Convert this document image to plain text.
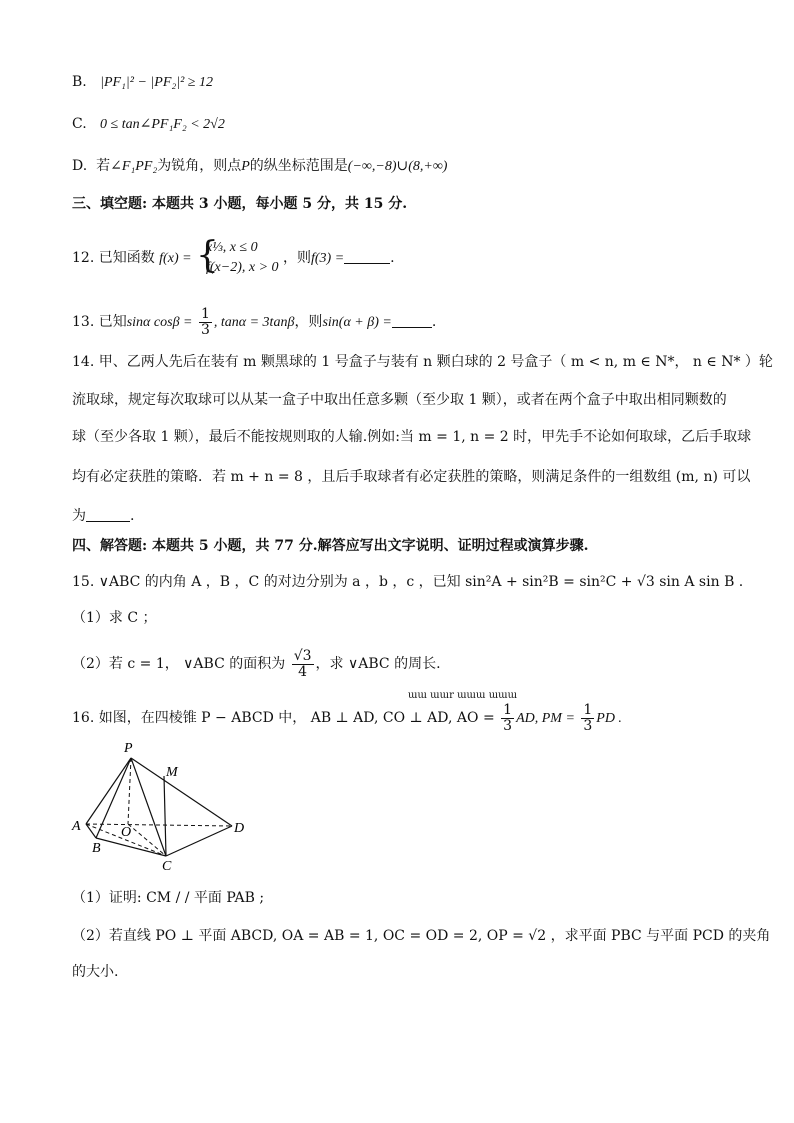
B. |PF₁|² − |PF₂|² ≥ 12
C. 0 ≤ tan∠PF₁F₂ < 2√2
D. 若∠F₁PF₂为锐角，则点P的纵坐标范围是(−∞,−8)∪(8,+∞)
三、填空题: 本题共 3 小题，每小题 5 分，共 15 分.
12. 已知函数 f(x) = {
x⅓, x ≤ 0
f(x−2), x > 0
，则f(3) =	.
13. 已知sinα $\cos\beta = \frac{1}{3}$ , tanα = 3tanβ，则sin(α + β) =	.
14. 甲、乙两人先后在装有 m 颗黑球的 1 号盒子与装有 n 颗白球的 2 号盒子（ m < n, m ∈ N*， n ∈ N* ）轮
流取球，规定每次取球可以从某一盒子中取出任意多颗（至少取 1 颗），或者在两个盒子中取出相同颗数的
球（至少各取 1 颗），最后不能按规则取的人输.例如:当 m = 1, n = 2 时，甲先手不论如何取球，乙后手取球
均有必定获胜的策略．若 m + n = 8 ，且后手取球者有必定获胜的策略，则满足条件的一组数组 (m, n) 可以
为	.
四、解答题: 本题共 5 小题，共 77 分.解答应写出文字说明、证明过程或演算步骤.
15. ∨ABC 的内角 A ，B ，C 的对边分别为 a ，b ，c ，已知 sin²A + sin²B = sin²C + √3 sin A sin B .
（1）求 C ；
（2）若 c = 1， ∨ABC 的面积为 $\frac{√3}{4}$ ，求 ∨ABC 的周长.
ɯɯ ɯɯr ɯɯɯ ɯɯɯ
16. 如图，在四棱锥 P − ABCD 中， AB ⊥ AD, CO ⊥ AD, AO = $\frac{1}{3}$ AD, PM = $\frac{1}{3}$ PD .
P
M
A	O	D
B
C
（1）证明: CM / / 平面 PAB ;
（2）若直线 PO ⊥ 平面 ABCD, OA = AB = 1, OC = OD = 2, OP = √2 ，求平面 PBC 与平面 PCD 的夹角
的大小.
